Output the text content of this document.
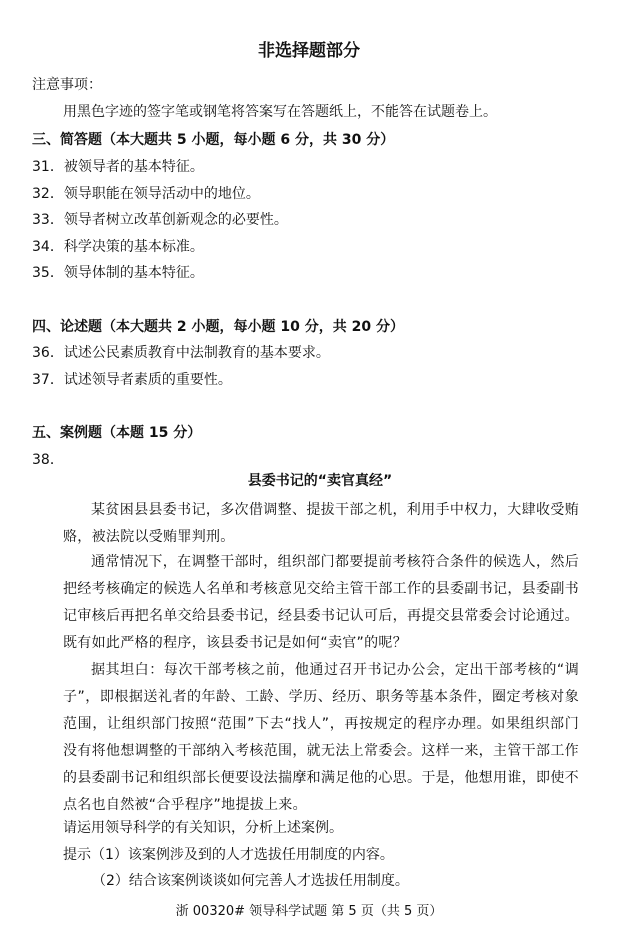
非选择题部分
注意事项：
用黑色字迹的签字笔或钢笔将答案写在答题纸上，不能答在试题卷上。
三、简答题（本大题共 5 小题，每小题 6 分，共 30 分）
31．被领导者的基本特征。
32．领导职能在领导活动中的地位。
33．领导者树立改革创新观念的必要性。
34．科学决策的基本标准。
35．领导体制的基本特征。
四、论述题（本大题共 2 小题，每小题 10 分，共 20 分）
36．试述公民素质教育中法制教育的基本要求。
37．试述领导者素质的重要性。
五、案例题（本题 15 分）
38．
县委书记的“卖官真经”
某贫困县县委书记，多次借调整、提拔干部之机，利用手中权力，大肆收受贿赂，被法院以受贿罪判刑。
通常情况下，在调整干部时，组织部门都要提前考核符合条件的候选人，然后把经考核确定的候选人名单和考核意见交给主管干部工作的县委副书记，县委副书记审核后再把名单交给县委书记，经县委书记认可后，再提交县常委会讨论通过。既有如此严格的程序，该县委书记是如何“卖官”的呢？
据其坦白：每次干部考核之前，他通过召开书记办公会，定出干部考核的“调子”，即根据送礼者的年龄、工龄、学历、经历、职务等基本条件，圈定考核对象范围，让组织部门按照“范围”下去“找人”，再按规定的程序办理。如果组织部门没有将他想调整的干部纳入考核范围，就无法上常委会。这样一来，主管干部工作的县委副书记和组织部长便要设法揣摩和满足他的心思。于是，他想用谁，即使不点名也自然被“合乎程序”地提拔上来。
请运用领导科学的有关知识，分析上述案例。
提示（1）该案例涉及到的人才选拔任用制度的内容。
（2）结合该案例谈谈如何完善人才选拔任用制度。
浙 00320# 领导科学试题 第 5 页（共 5 页）
